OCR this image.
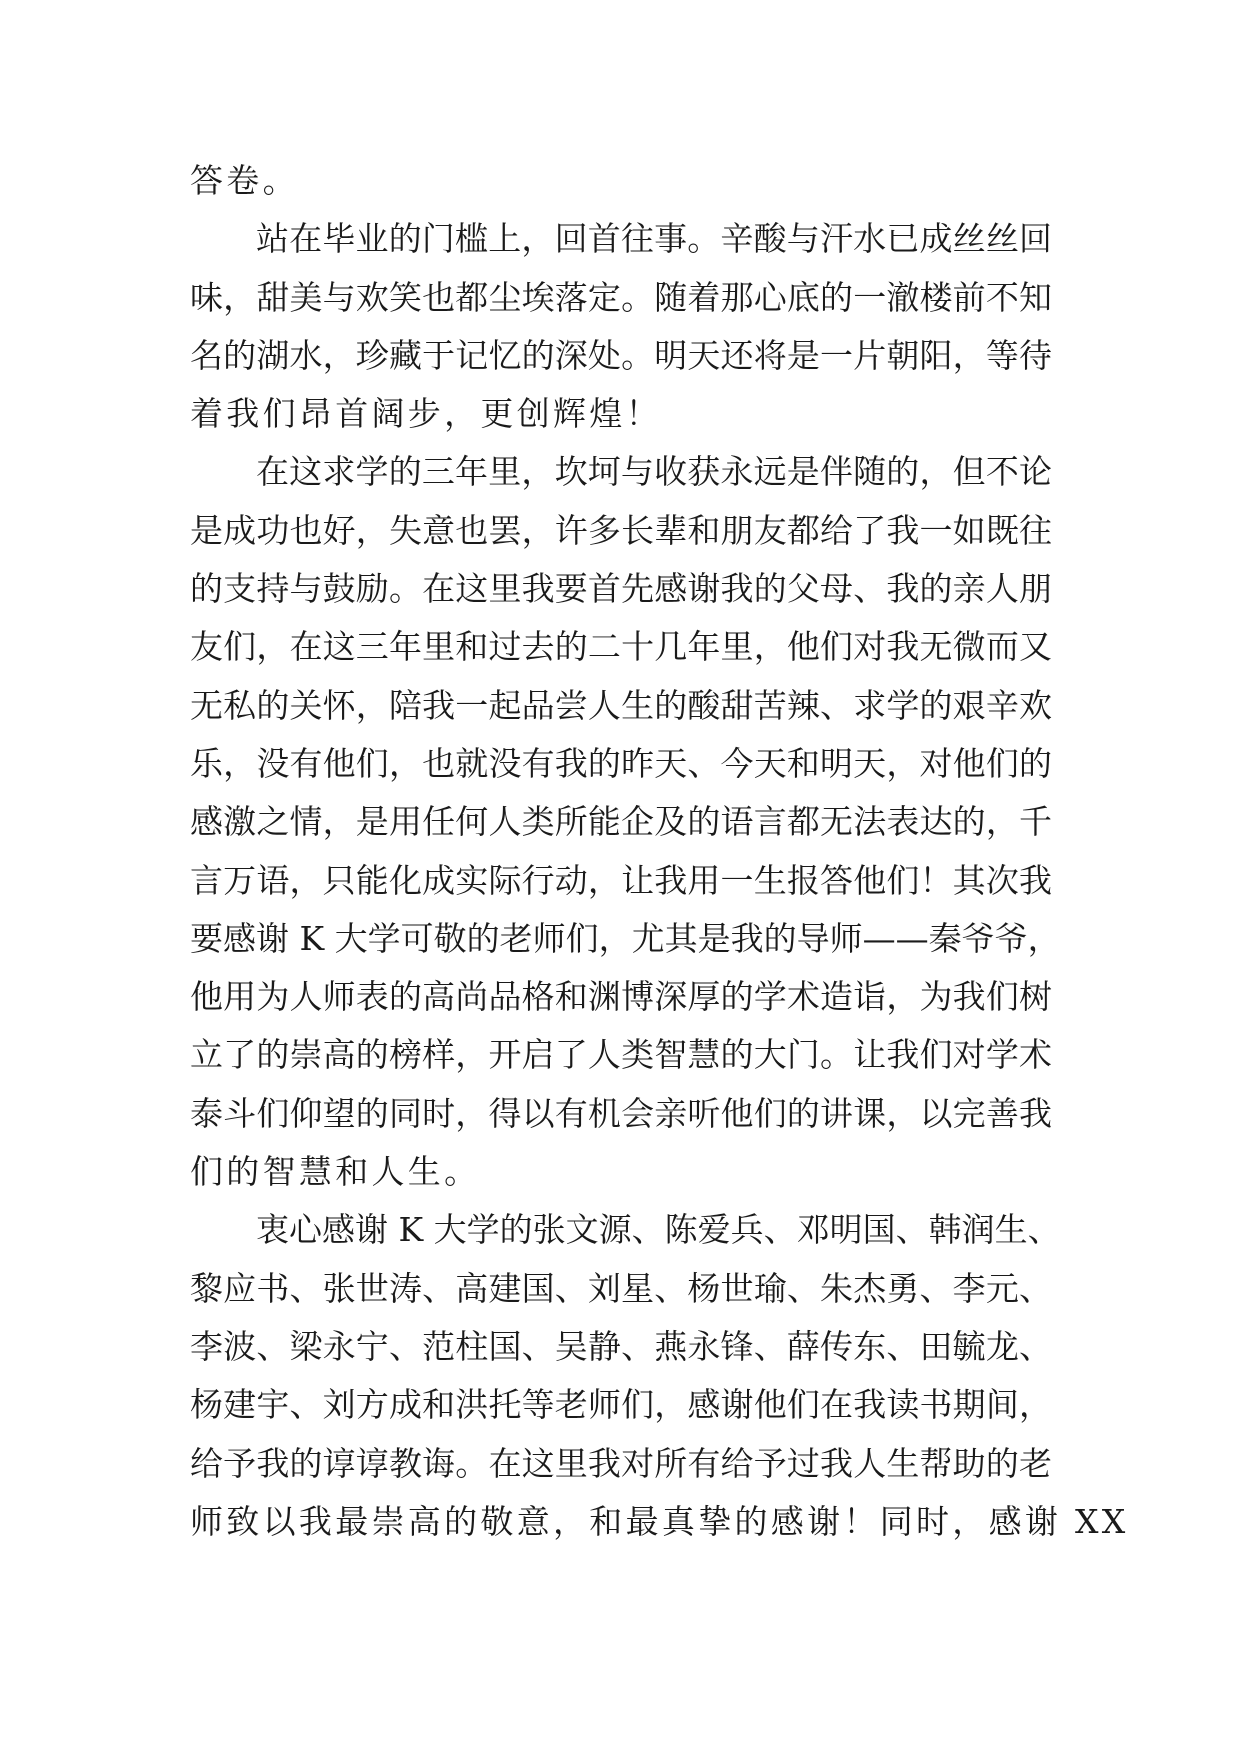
答卷。
站在毕业的门槛上，回首往事。辛酸与汗水已成丝丝回
味，甜美与欢笑也都尘埃落定。随着那心底的一澈楼前不知
名的湖水，珍藏于记忆的深处。明天还将是一片朝阳，等待
着我们昂首阔步，更创辉煌！
在这求学的三年里，坎坷与收获永远是伴随的，但不论
是成功也好，失意也罢，许多长辈和朋友都给了我一如既往
的支持与鼓励。在这里我要首先感谢我的父母、我的亲人朋
友们，在这三年里和过去的二十几年里，他们对我无微而又
无私的关怀，陪我一起品尝人生的酸甜苦辣、求学的艰辛欢
乐，没有他们，也就没有我的昨天、今天和明天，对他们的
感激之情，是用任何人类所能企及的语言都无法表达的，千
言万语，只能化成实际行动，让我用一生报答他们！其次我
要感谢 K 大学可敬的老师们，尤其是我的导师——秦爷爷，
他用为人师表的高尚品格和渊博深厚的学术造诣，为我们树
立了的崇高的榜样，开启了人类智慧的大门。让我们对学术
泰斗们仰望的同时，得以有机会亲听他们的讲课，以完善我
们的智慧和人生。
衷心感谢 K 大学的张文源、陈爱兵、邓明国、韩润生、
黎应书、张世涛、高建国、刘星、杨世瑜、朱杰勇、李元、
李波、梁永宁、范柱国、吴静、燕永锋、薛传东、田毓龙、
杨建宇、刘方成和洪托等老师们，感谢他们在我读书期间，
给予我的谆谆教诲。在这里我对所有给予过我人生帮助的老
师致以我最崇高的敬意，和最真挚的感谢！同时，感谢 XX
